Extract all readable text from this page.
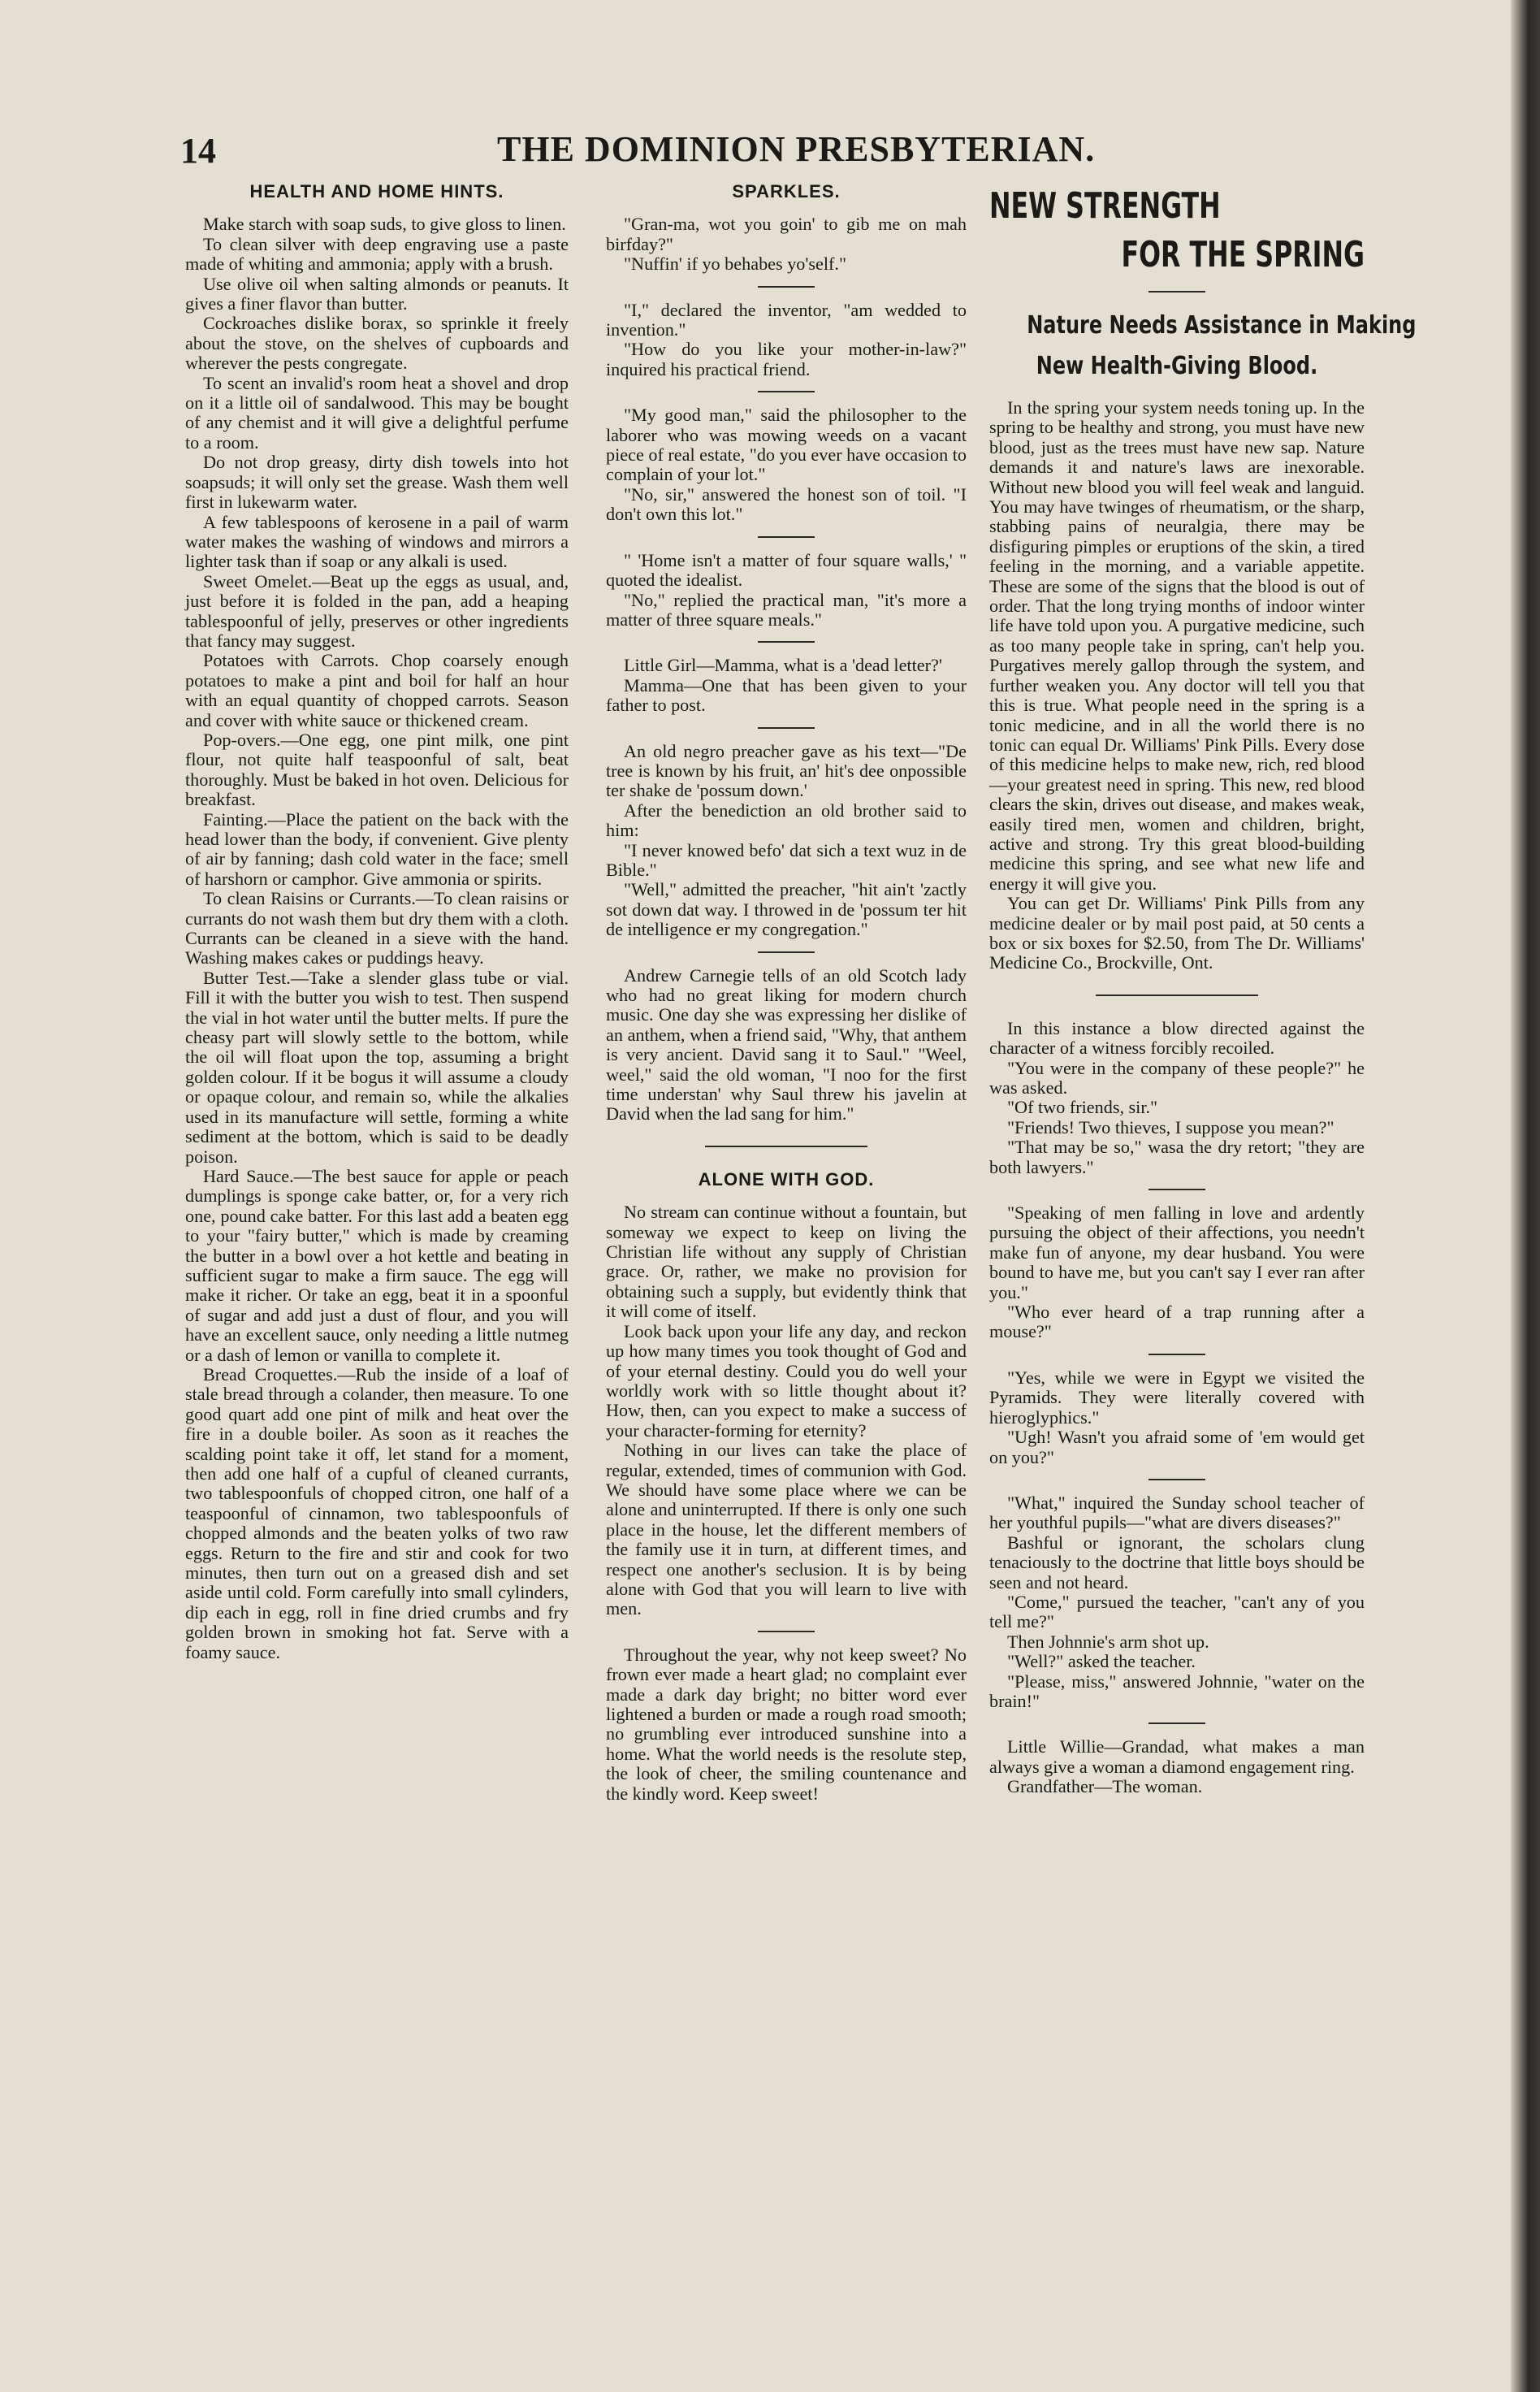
14	THE DOMINION PRESBYTERIAN.
HEALTH AND HOME HINTS.

Make starch with soap suds, to give gloss to linen.

To clean silver with deep engraving use a paste made of whiting and ammonia; apply with a brush.

Use olive oil when salting almonds or peanuts. It gives a finer flavor than butter.

Cockroaches dislike borax, so sprinkle it freely about the stove, on the shelves of cupboards and wherever the pests congregate.

To scent an invalid's room heat a shovel and drop on it a little oil of sandalwood. This may be bought of any chemist and it will give a delightful perfume to a room.

Do not drop greasy, dirty dish towels into hot soapsuds; it will only set the grease. Wash them well first in lukewarm water.

A few tablespoons of kerosene in a pail of warm water makes the washing of windows and mirrors a lighter task than if soap or any alkali is used.

Sweet Omelet.—Beat up the eggs as usual, and, just before it is folded in the pan, add a heaping tablespoonful of jelly, preserves or other ingredients that fancy may suggest.

Potatoes with Carrots. Chop coarsely enough potatoes to make a pint and boil for half an hour with an equal quantity of chopped carrots. Season and cover with white sauce or thickened cream.

Pop-overs.—One egg, one pint milk, one pint flour, not quite half teaspoonful of salt, beat thoroughly. Must be baked in hot oven. Delicious for breakfast.

Fainting.—Place the patient on the back with the head lower than the body, if convenient. Give plenty of air by fanning; dash cold water in the face; smell of harshorn or camphor. Give ammonia or spirits.

To clean Raisins or Currants.—To clean raisins or currants do not wash them but dry them with a cloth. Currants can be cleaned in a sieve with the hand. Washing makes cakes or puddings heavy.

Butter Test.—Take a slender glass tube or vial. Fill it with the butter you wish to test. Then suspend the vial in hot water until the butter melts. If pure the cheasy part will slowly settle to the bottom, while the oil will float upon the top, assuming a bright golden colour. If it be bogus it will assume a cloudy or opaque colour, and remain so, while the alkalies used in its manufacture will settle, forming a white sediment at the bottom, which is said to be deadly poison.

Hard Sauce.—The best sauce for apple or peach dumplings is sponge cake batter, or, for a very rich one, pound cake batter. For this last add a beaten egg to your "fairy butter," which is made by creaming the butter in a bowl over a hot kettle and beating in sufficient sugar to make a firm sauce. The egg will make it richer. Or take an egg, beat it in a spoonful of sugar and add just a dust of flour, and you will have an excellent sauce, only needing a little nutmeg or a dash of lemon or vanilla to complete it.

Bread Croquettes.—Rub the inside of a loaf of stale bread through a colander, then measure. To one good quart add one pint of milk and heat over the fire in a double boiler. As soon as it reaches the scalding point take it off, let stand for a moment, then add one half of a cupful of cleaned currants, two tablespoonfuls of chopped citron, one half of a teaspoonful of cinnamon, two tablespoonfuls of chopped almonds and the beaten yolks of two raw eggs. Return to the fire and stir and cook for two minutes, then turn out on a greased dish and set aside until cold. Form carefully into small cylinders, dip each in egg, roll in fine dried crumbs and fry golden brown in smoking hot fat. Serve with a foamy sauce.

SPARKLES.

"Gran-ma, wot you goin' to gib me on mah birfday?"

"Nuffin' if yo behabes yo'self."

"I," declared the inventor, "am wedded to invention."

"How do you like your mother-in-law?" inquired his practical friend.

"My good man," said the philosopher to the laborer who was mowing weeds on a vacant piece of real estate, "do you ever have occasion to complain of your lot."

"No, sir," answered the honest son of toil. "I don't own this lot."

" 'Home isn't a matter of four square walls,' " quoted the idealist.

"No," replied the practical man, "it's more a matter of three square meals."

Little Girl—Mamma, what is a 'dead letter?'

Mamma—One that has been given to your father to post.

An old negro preacher gave as his text—"De tree is known by his fruit, an' hit's dee onpossible ter shake de 'possum down.'

After the benediction an old brother said to him:

"I never knowed befo' dat sich a text wuz in de Bible."

"Well," admitted the preacher, "hit ain't 'zactly sot down dat way. I throwed in de 'possum ter hit de intelligence er my congregation."

Andrew Carnegie tells of an old Scotch lady who had no great liking for modern church music. One day she was expressing her dislike of an anthem, when a friend said, "Why, that anthem is very ancient. David sang it to Saul." "Weel, weel," said the old woman, "I noo for the first time understan' why Saul threw his javelin at David when the lad sang for him."

ALONE WITH GOD.

No stream can continue without a fountain, but someway we expect to keep on living the Christian life without any supply of Christian grace. Or, rather, we make no provision for obtaining such a supply, but evidently think that it will come of itself.

Look back upon your life any day, and reckon up how many times you took thought of God and of your eternal destiny. Could you do well your worldly work with so little thought about it? How, then, can you expect to make a success of your character-forming for eternity?

Nothing in our lives can take the place of regular, extended, times of communion with God. We should have some place where we can be alone and uninterrupted. If there is only one such place in the house, let the different members of the family use it in turn, at different times, and respect one another's seclusion. It is by being alone with God that you will learn to live with men.

Throughout the year, why not keep sweet? No frown ever made a heart glad; no complaint ever made a dark day bright; no bitter word ever lightened a burden or made a rough road smooth; no grumbling ever introduced sunshine into a home. What the world needs is the resolute step, the look of cheer, the smiling countenance and the kindly word. Keep sweet!

NEW STRENGTH
FOR THE SPRING
Nature Needs Assistance in Making
New Health-Giving Blood.

In the spring your system needs toning up. In the spring to be healthy and strong, you must have new blood, just as the trees must have new sap. Nature demands it and nature's laws are inexorable. Without new blood you will feel weak and languid. You may have twinges of rheumatism, or the sharp, stabbing pains of neuralgia, there may be disfiguring pimples or eruptions of the skin, a tired feeling in the morning, and a variable appetite. These are some of the signs that the blood is out of order. That the long trying months of indoor winter life have told upon you. A purgative medicine, such as too many people take in spring, can't help you. Purgatives merely gallop through the system, and further weaken you. Any doctor will tell you that this is true. What people need in the spring is a tonic medicine, and in all the world there is no tonic can equal Dr. Williams' Pink Pills. Every dose of this medicine helps to make new, rich, red blood—your greatest need in spring. This new, red blood clears the skin, drives out disease, and makes weak, easily tired men, women and children, bright, active and strong. Try this great blood-building medicine this spring, and see what new life and energy it will give you.

You can get Dr. Williams' Pink Pills from any medicine dealer or by mail post paid, at 50 cents a box or six boxes for $2.50, from The Dr. Williams' Medicine Co., Brockville, Ont.

In this instance a blow directed against the character of a witness forcibly recoiled.

"You were in the company of these people?" he was asked.

"Of two friends, sir."

"Friends! Two thieves, I suppose you mean?"

"That may be so," wasa the dry retort; "they are both lawyers."

"Speaking of men falling in love and ardently pursuing the object of their affections, you needn't make fun of anyone, my dear husband. You were bound to have me, but you can't say I ever ran after you."

"Who ever heard of a trap running after a mouse?"

"Yes, while we were in Egypt we visited the Pyramids. They were literally covered with hieroglyphics."

"Ugh! Wasn't you afraid some of 'em would get on you?"

"What," inquired the Sunday school teacher of her youthful pupils—"what are divers diseases?"

Bashful or ignorant, the scholars clung tenaciously to the doctrine that little boys should be seen and not heard.

"Come," pursued the teacher, "can't any of you tell me?"

Then Johnnie's arm shot up.

"Well?" asked the teacher.

"Please, miss," answered Johnnie, "water on the brain!"

Little Willie—Grandad, what makes a man always give a woman a diamond engagement ring.

Grandfather—The woman.
